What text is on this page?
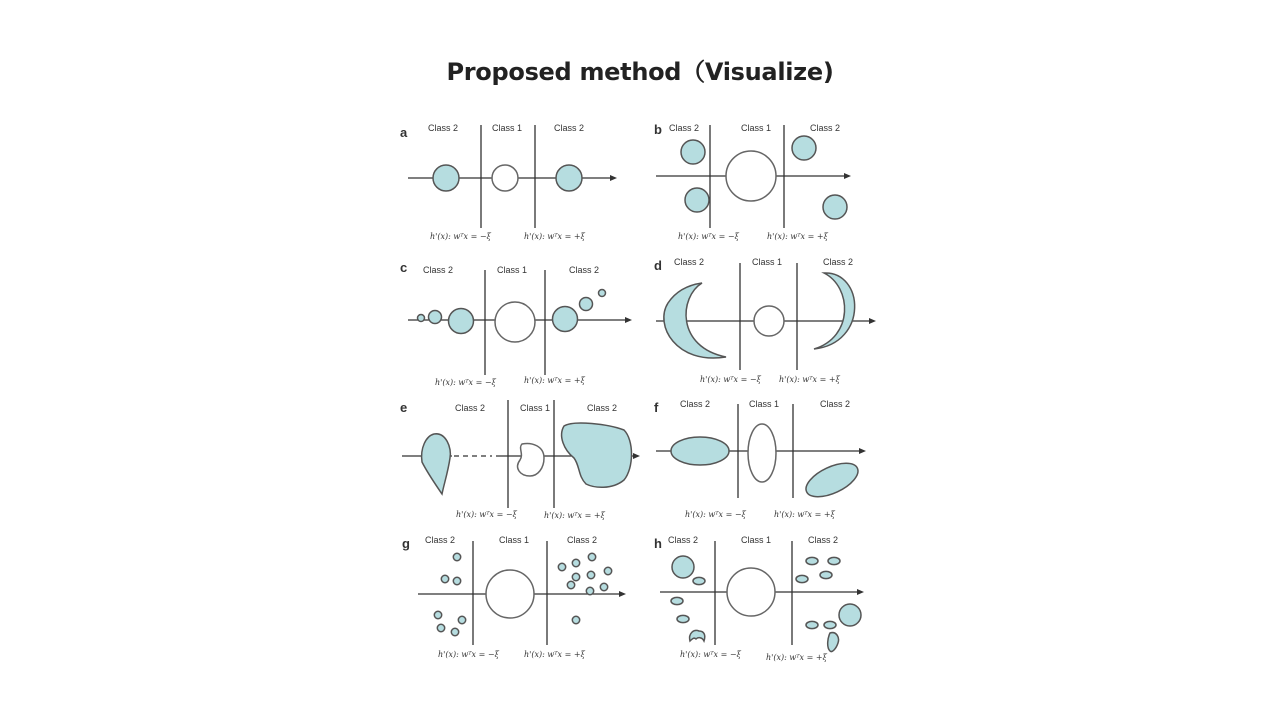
Proposed method（Visualize)
a Class 2	Class 1	Class 2
h'(x): wᵀx = −ξ	h'(x): wᵀx = +ξ
b Class 2	Class 1	Class 2
h'(x): wᵀx = −ξ	h'(x): wᵀx = +ξ
c Class 2	Class 1	Class 2
h'(x): wᵀx = −ξ	h'(x): wᵀx = +ξ
d Class 2	Class 1	Class 2
h'(x): wᵀx = −ξ h'(x): wᵀx = +ξ
e	Class 2	Class 1	Class 2
h'(x): wᵀx = −ξ	h'(x): wᵀx = +ξ
f Class 2	Class 1	Class 2
h'(x): wᵀx = −ξ	h'(x): wᵀx = +ξ
g Class 2	Class 1	Class 2
h'(x): wᵀx = −ξ	h'(x): wᵀx = +ξ
h Class 2	Class 1	Class 2
h'(x): wᵀx = −ξ	h'(x): wᵀx = +ξ
